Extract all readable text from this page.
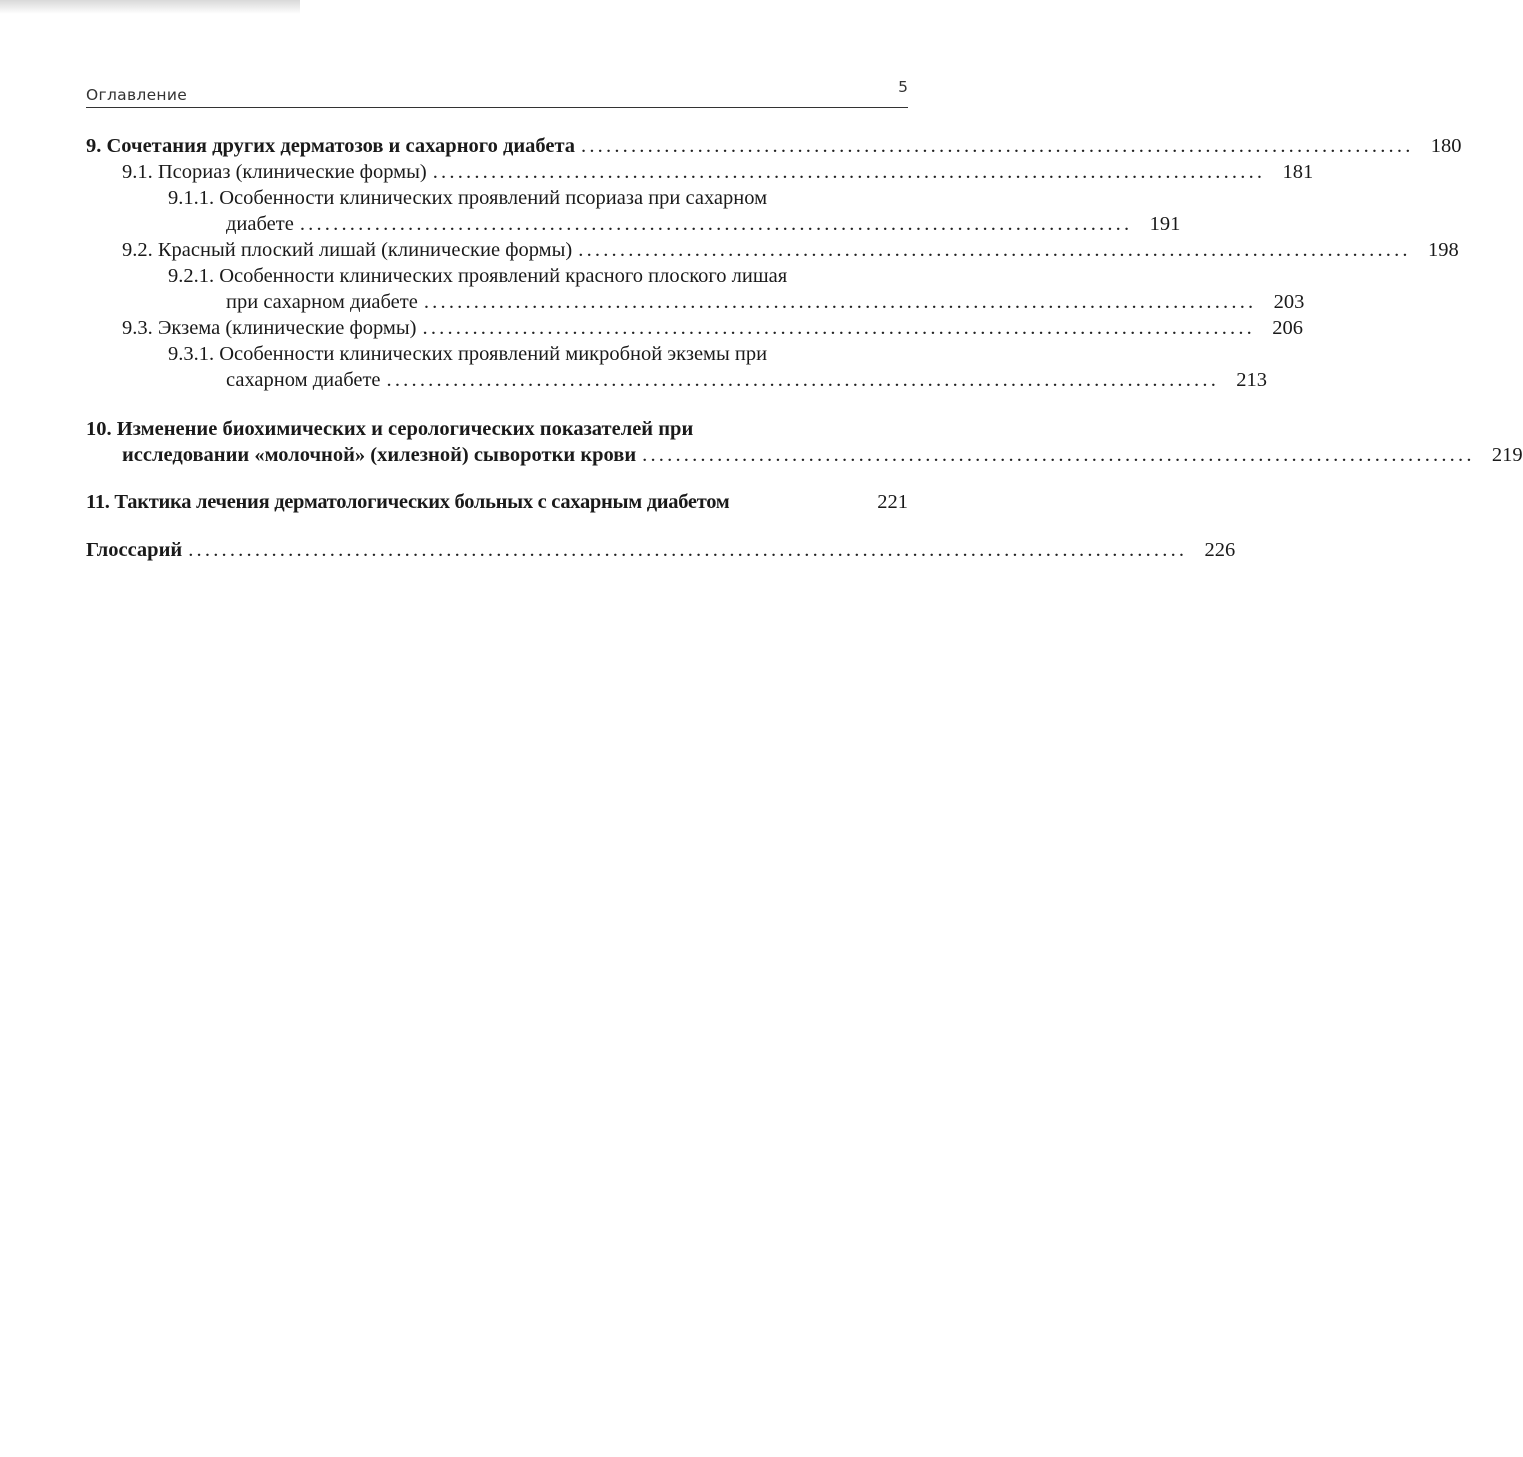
Оглавление	5
9. Сочетания других дерматозов и сахарного диабета .................................................................................................... 180
9.1. Псориаз (клинические формы) .................................................................................................... 181
9.1.1. Особенности клинических проявлений псориаза при сахарном
диабете .................................................................................................... 191
9.2. Красный плоский лишай (клинические формы) .................................................................................................... 198
9.2.1. Особенности клинических проявлений красного плоского лишая
при сахарном диабете .................................................................................................... 203
9.3. Экзема (клинические формы) .................................................................................................... 206
9.3.1. Особенности клинических проявлений микробной экземы при
сахарном диабете .................................................................................................... 213
10. Изменение биохимических и серологических показателей при
исследовании «молочной» (хилезной) сыворотки крови .................................................................................................... 219
11. Тактика лечения дерматологических больных с сахарным диабетом	221
Глоссарий ........................................................................................................................ 226
